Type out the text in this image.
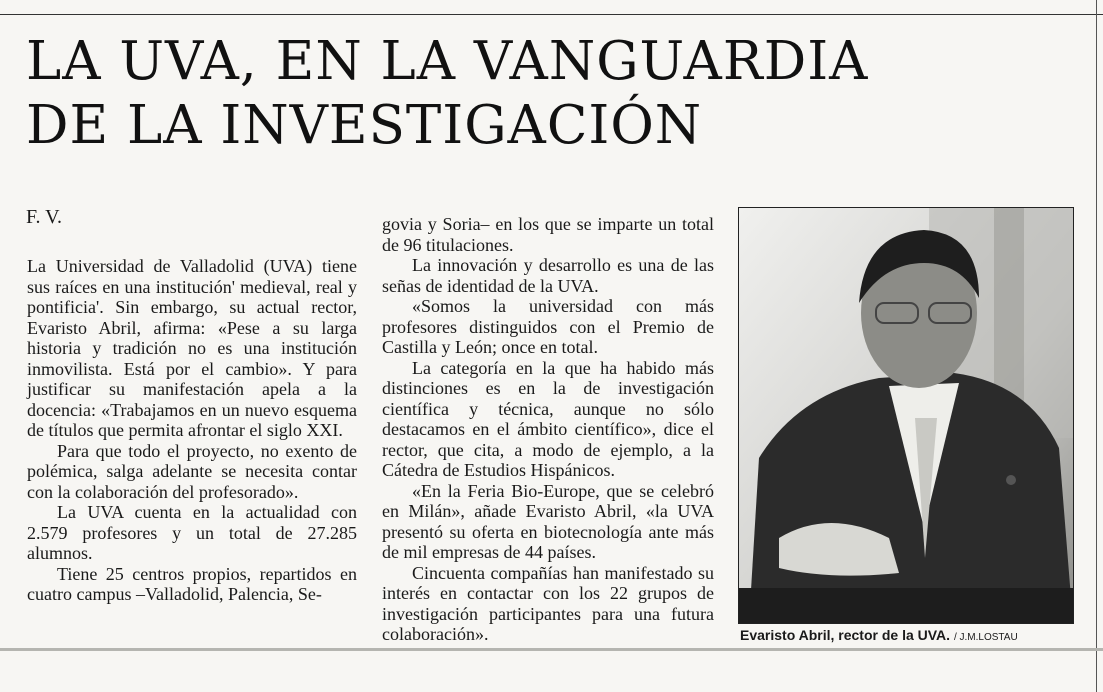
LA UVA, EN LA VANGUARDIA
DE LA INVESTIGACIÓN
F. V.

La Universidad de Valladolid (UVA) tiene sus raíces en una institución' medieval, real y pontificia'. Sin embargo, su actual rector, Evaristo Abril, afirma: «Pese a su larga historia y tradición no es una institución inmovilista. Está por el cambio». Y para justificar su manifestación apela a la docencia: «Trabajamos en un nuevo esquema de títulos que permita afrontar el siglo XXI.

Para que todo el proyecto, no exento de polémica, salga adelante se necesita contar con la colaboración del profesorado».

La UVA cuenta en la actualidad con 2.579 profesores y un total de 27.285 alumnos.

Tiene 25 centros propios, repartidos en cuatro campus –Valladolid, Palencia, Se-

govia y Soria– en los que se imparte un total de 96 titulaciones.

La innovación y desarrollo es una de las señas de identidad de la UVA.

«Somos la universidad con más profesores distinguidos con el Premio de Castilla y León; once en total.

La categoría en la que ha habido más distinciones es en la de investigación científica y técnica, aunque no sólo destacamos en el ámbito científico», dice el rector, que cita, a modo de ejemplo, a la Cátedra de Estudios Hispánicos.

«En la Feria Bio-Europe, que se celebró en Milán», añade Evaristo Abril, «la UVA presentó su oferta en biotecnología ante más de mil empresas de 44 países.

Cincuenta compañías han manifestado su interés en contactar con los 22 grupos de investigación participantes para una futura colaboración».	Evaristo Abril, rector de la UVA. / J.M.LOSTAU
